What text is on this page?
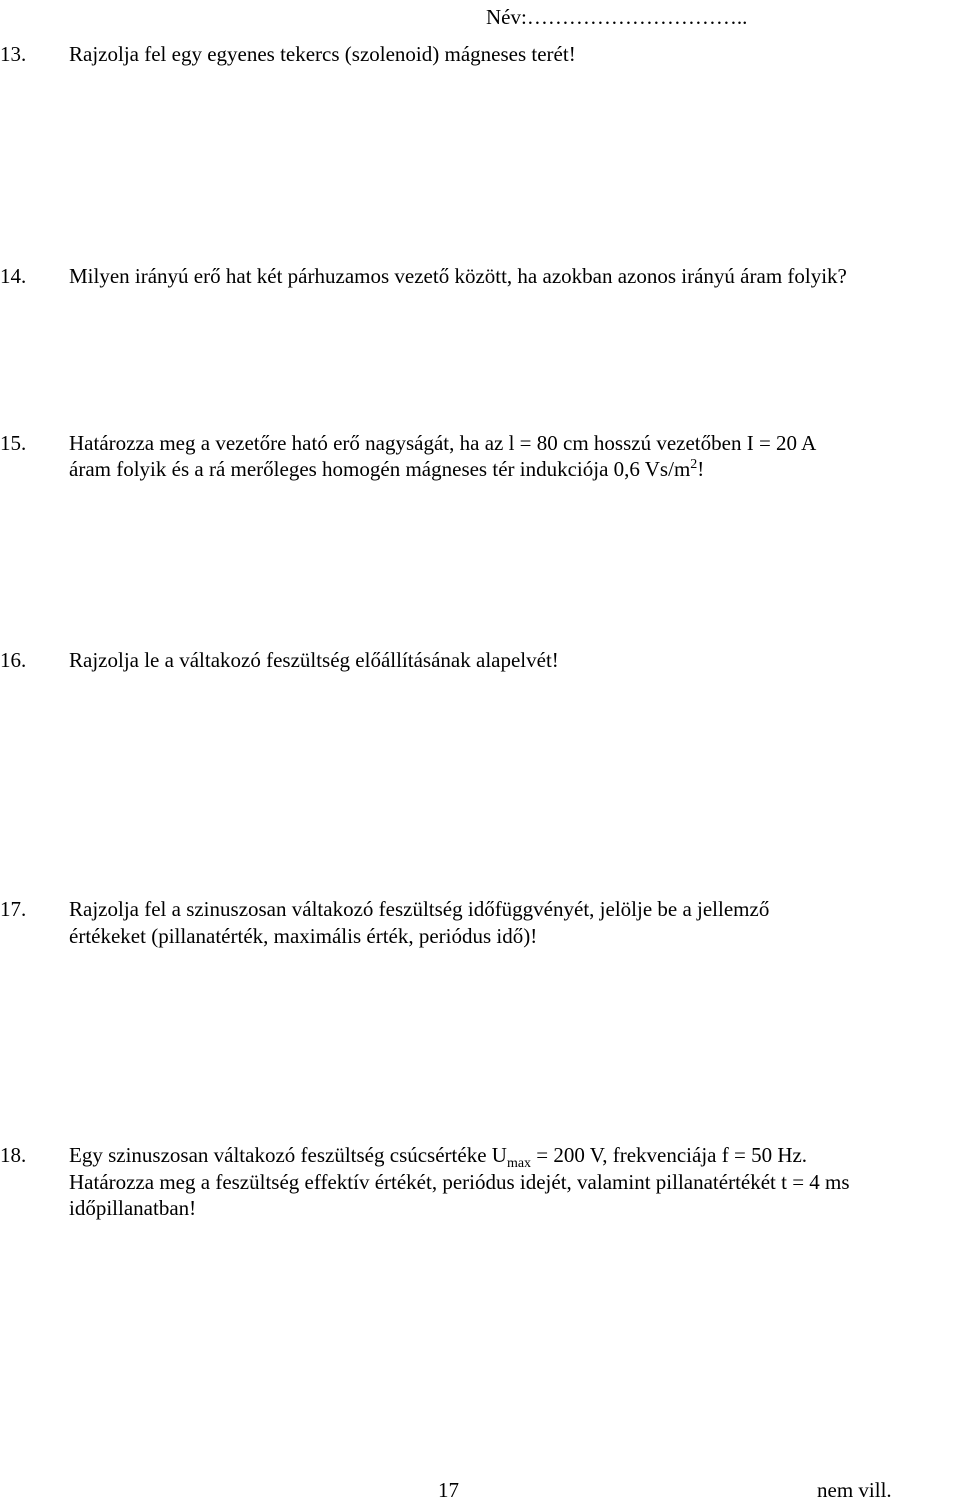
Név:…………………………..
13. Rajzolja fel egy egyenes tekercs (szolenoid) mágneses terét!
14. Milyen irányú erő hat két párhuzamos vezető között, ha azokban azonos irányú áram folyik?
15. Határozza meg a vezetőre ható erő nagyságát, ha az l = 80 cm hosszú vezetőben I = 20 A
áram folyik és a rá merőleges homogén mágneses tér indukciója 0,6 $Vs/m^2$!
16. Rajzolja le a váltakozó feszültség előállításának alapelvét!
17. Rajzolja fel a szinuszosan váltakozó feszültség időfüggvényét, jelölje be a jellemző
értékeket (pillanatérték, maximális érték, periódus idő)!
18. Egy szinuszosan váltakozó feszültség csúcsértéke $U_{max} = 200$ V, frekvenciája f = 50 Hz.
Határozza meg a feszültség effektív értékét, periódus idejét, valamint pillanatértékét t = 4 ms
időpillanatban!
17	nem vill.
